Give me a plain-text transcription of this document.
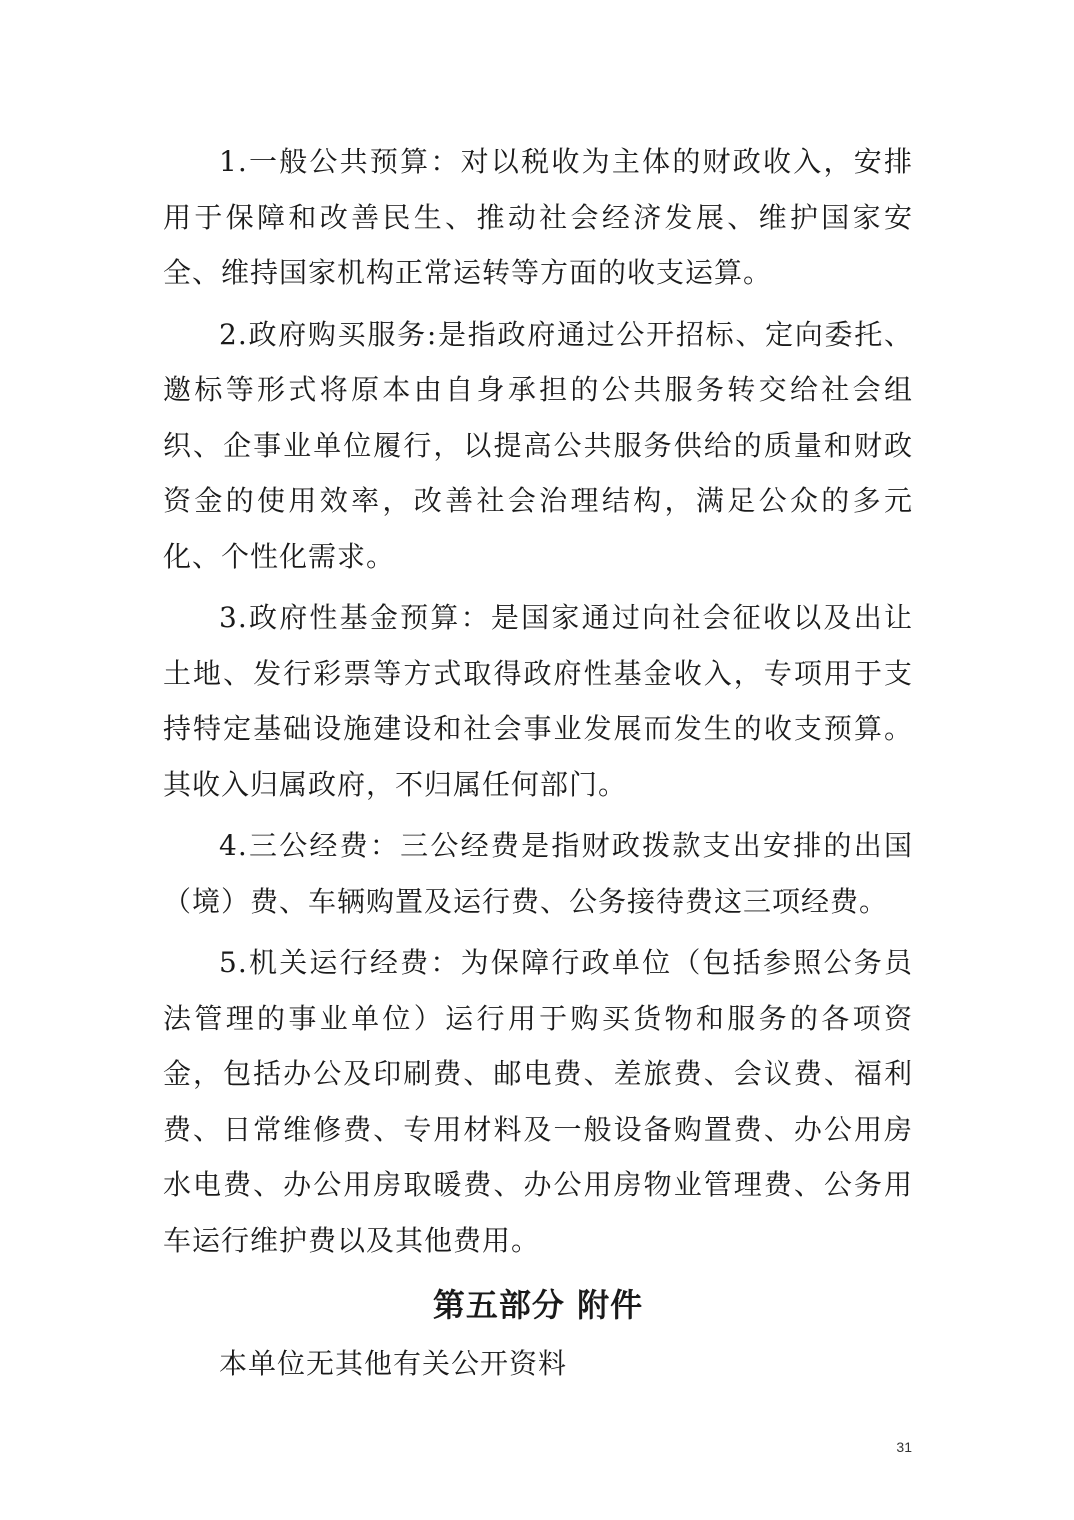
1.一般公共预算：对以税收为主体的财政收入，安排用于保障和改善民生、推动社会经济发展、维护国家安全、维持国家机构正常运转等方面的收支运算。

2.政府购买服务:是指政府通过公开招标、定向委托、邀标等形式将原本由自身承担的公共服务转交给社会组织、企事业单位履行，以提高公共服务供给的质量和财政资金的使用效率，改善社会治理结构，满足公众的多元化、个性化需求。

3.政府性基金预算：是国家通过向社会征收以及出让土地、发行彩票等方式取得政府性基金收入，专项用于支持特定基础设施建设和社会事业发展而发生的收支预算。其收入归属政府，不归属任何部门。

4.三公经费：三公经费是指财政拨款支出安排的出国（境）费、车辆购置及运行费、公务接待费这三项经费。

5.机关运行经费：为保障行政单位（包括参照公务员法管理的事业单位）运行用于购买货物和服务的各项资金，包括办公及印刷费、邮电费、差旅费、会议费、福利费、日常维修费、专用材料及一般设备购置费、办公用房水电费、办公用房取暖费、办公用房物业管理费、公务用车运行维护费以及其他费用。

第五部分 附件

本单位无其他有关公开资料

31
